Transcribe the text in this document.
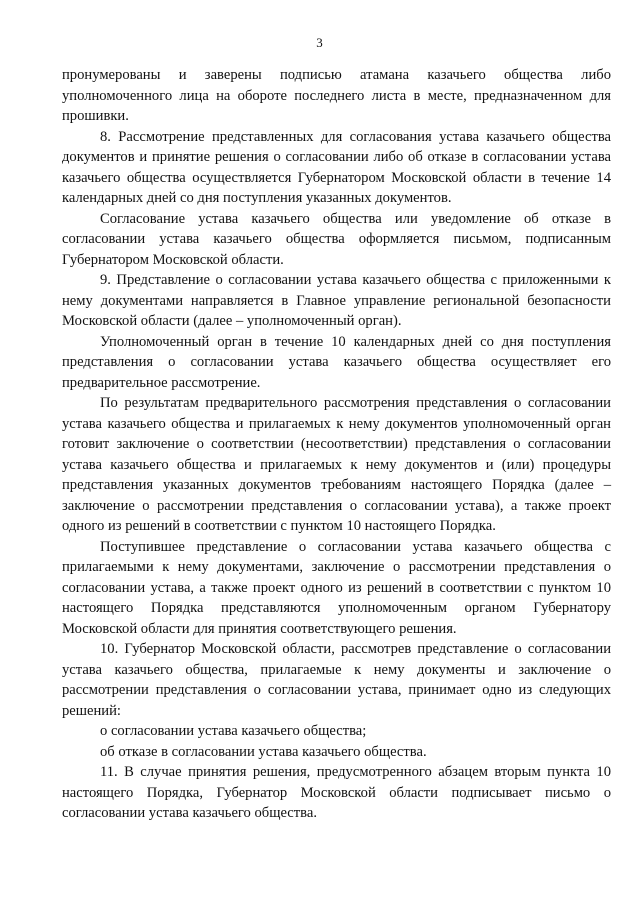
3

пронумерованы и заверены подписью атамана казачьего общества либо уполномоченного лица на обороте последнего листа в месте, предназначенном для прошивки.

8. Рассмотрение представленных для согласования устава казачьего общества документов и принятие решения о согласовании либо об отказе в согласовании устава казачьего общества осуществляется Губернатором Московской области в течение 14 календарных дней со дня поступления указанных документов.

Согласование устава казачьего общества или уведомление об отказе в согласовании устава казачьего общества оформляется письмом, подписанным Губернатором Московской области.

9. Представление о согласовании устава казачьего общества с приложенными к нему документами направляется в Главное управление региональной безопасности Московской области (далее – уполномоченный орган).

Уполномоченный орган в течение 10 календарных дней со дня поступления представления о согласовании устава казачьего общества осуществляет его предварительное рассмотрение.

По результатам предварительного рассмотрения представления о согласовании устава казачьего общества и прилагаемых к нему документов уполномоченный орган готовит заключение о соответствии (несоответствии) представления о согласовании устава казачьего общества и прилагаемых к нему документов и (или) процедуры представления указанных документов требованиям настоящего Порядка (далее – заключение о рассмотрении представления о согласовании устава), а также проект одного из решений в соответствии с пунктом 10 настоящего Порядка.

Поступившее представление о согласовании устава казачьего общества с прилагаемыми к нему документами, заключение о рассмотрении представления о согласовании устава, а также проект одного из решений в соответствии с пунктом 10 настоящего Порядка представляются уполномоченным органом Губернатору Московской области для принятия соответствующего решения.

10. Губернатор Московской области, рассмотрев представление о согласовании устава казачьего общества, прилагаемые к нему документы и заключение о рассмотрении представления о согласовании устава, принимает одно из следующих решений:

о согласовании устава казачьего общества;

об отказе в согласовании устава казачьего общества.

11. В случае принятия решения, предусмотренного абзацем вторым пункта 10 настоящего Порядка, Губернатор Московской области подписывает письмо о согласовании устава казачьего общества.
